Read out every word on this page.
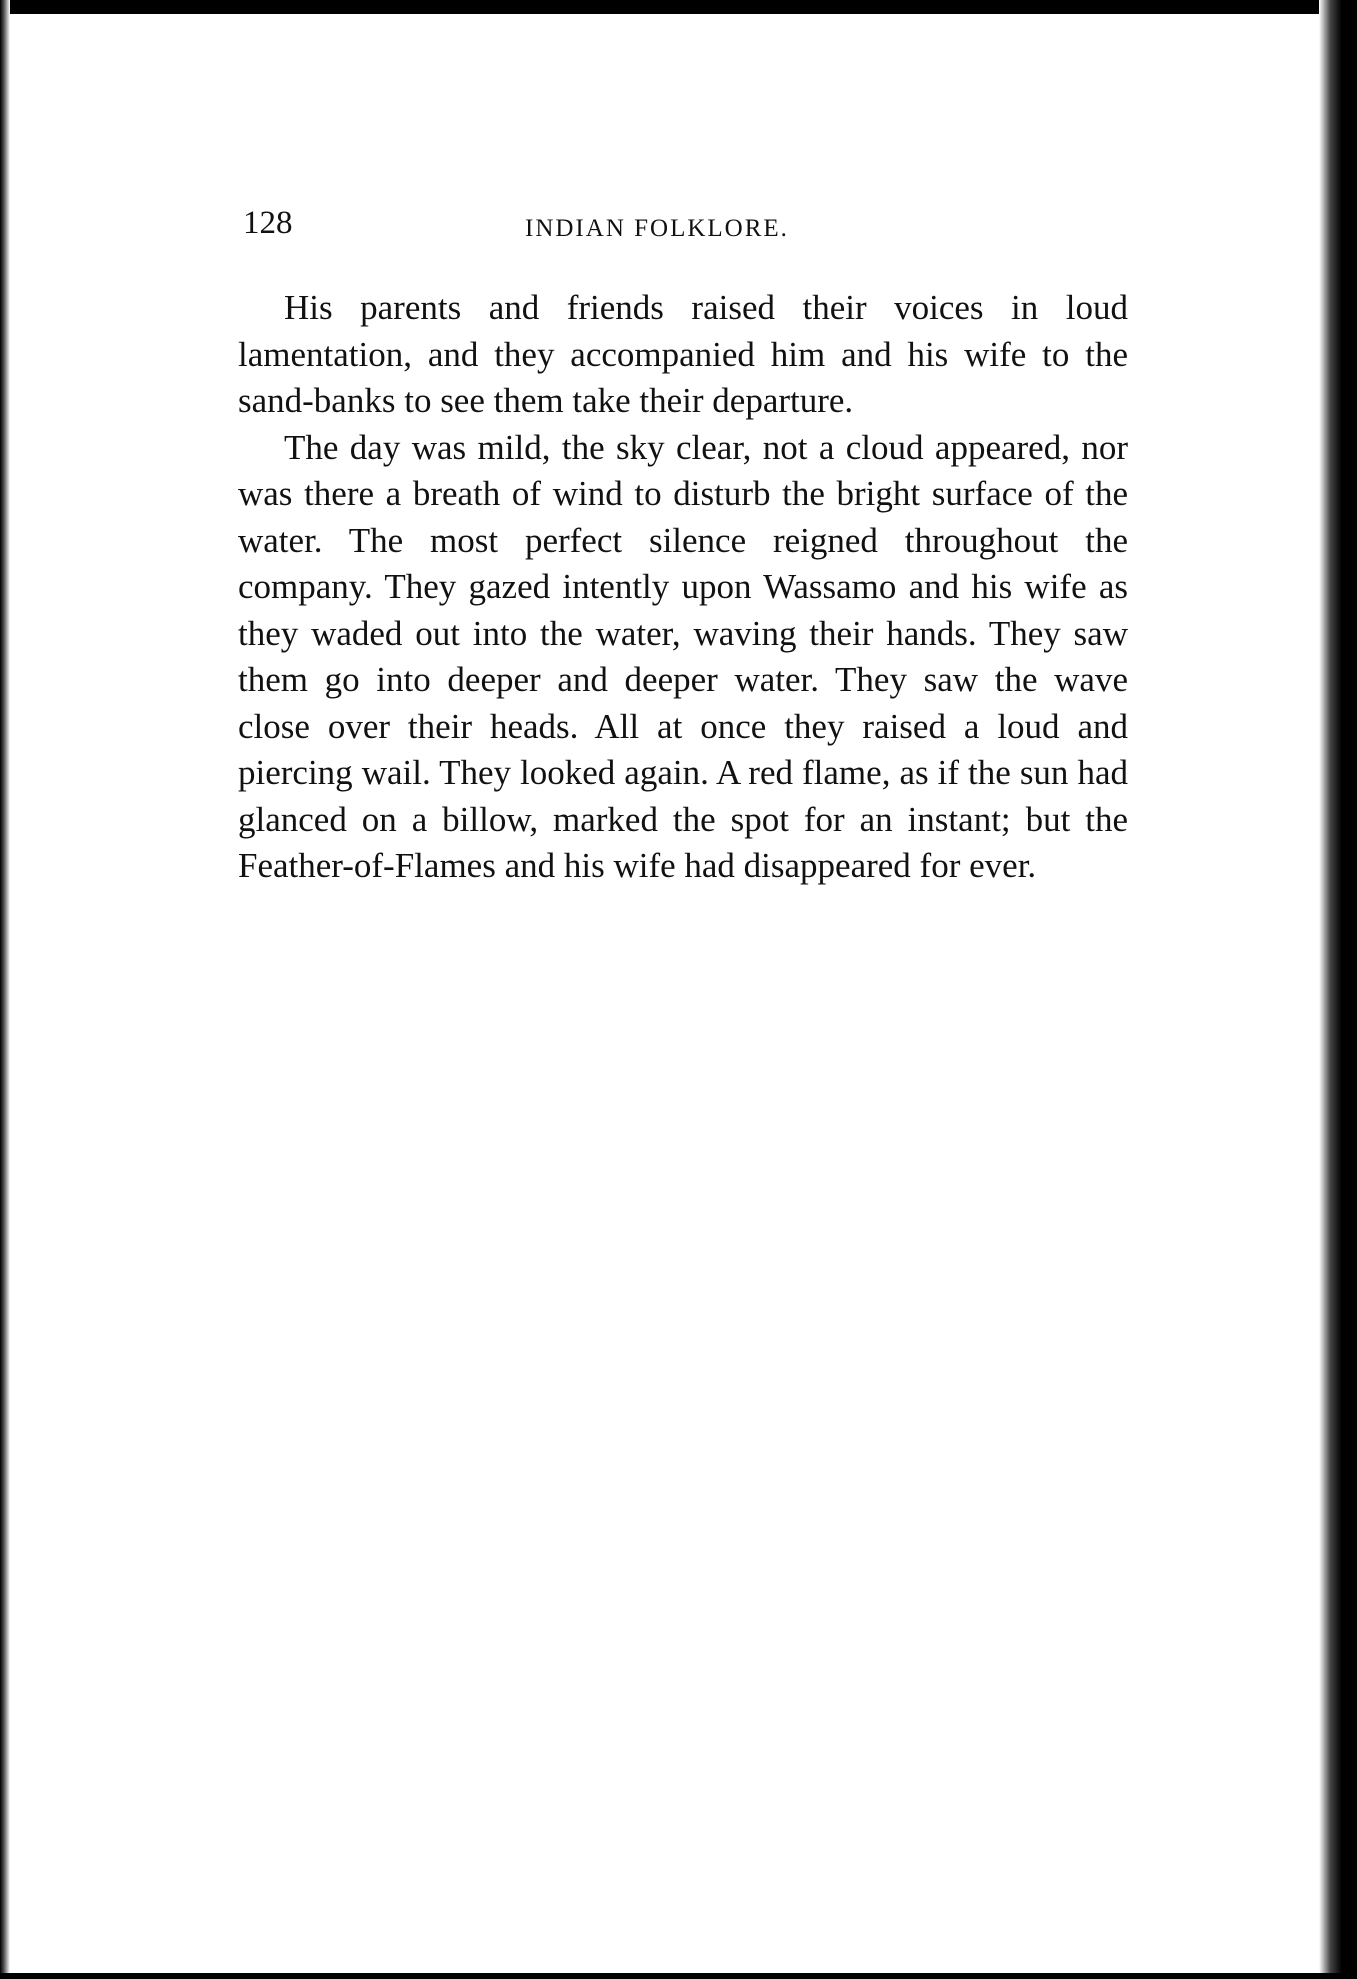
128	INDIAN FOLKLORE.

His parents and friends raised their voices in loud lamentation, and they accompanied him and his wife to the sand-banks to see them take their departure.

The day was mild, the sky clear, not a cloud appeared, nor was there a breath of wind to disturb the bright surface of the water. The most perfect silence reigned throughout the company. They gazed intently upon Wassamo and his wife as they waded out into the water, waving their hands. They saw them go into deeper and deeper water. They saw the wave close over their heads. All at once they raised a loud and piercing wail. They looked again. A red flame, as if the sun had glanced on a billow, marked the spot for an instant; but the Feather-of-Flames and his wife had disappeared for ever.
